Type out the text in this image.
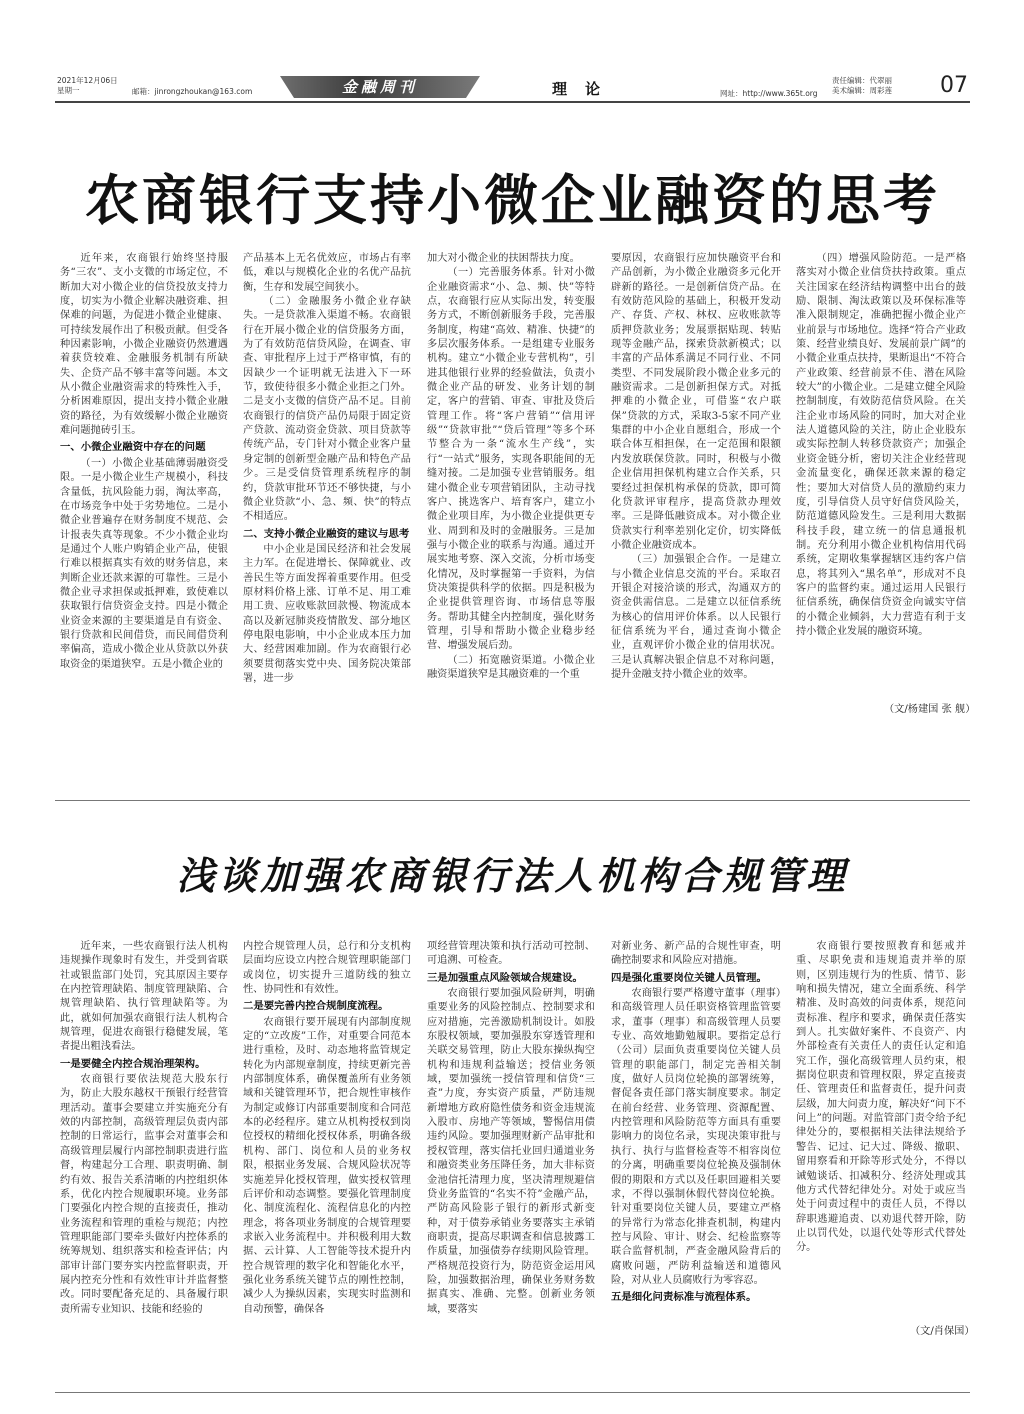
2021年12月06日
星期一	邮箱：jinrongzhoukan@163.com	金融周刊	理论	网址：http://www.365t.org
责任编辑：代翠丽
美术编辑：周彩莲 07
农商银行支持小微企业融资的思考

近年来，农商银行始终坚持服务“三农”、支小支微的市场定位，不断加大对小微企业的信贷投放支持力度，切实为小微企业解决融资难、担保难的问题，为促进小微企业健康、可持续发展作出了积极贡献。但受各种因素影响，小微企业融资仍然遭遇着获贷较难、金融服务机制有所缺失、企贷产品不够丰富等问题。本文从小微企业融资需求的特殊性入手，分析困难原因，提出支持小微企业融资的路径，为有效缓解小微企业融资难问题抛砖引玉。

一、小微企业融资中存在的问题

（一）小微企业基础薄弱融资受限。一是小微企业生产规模小，科技含量低，抗风险能力弱，淘汰率高，在市场竞争中处于劣势地位。二是小微企业普遍存在财务制度不规范、会计报表失真等现象。不少小微企业均是通过个人账户购销企业产品，使银行难以根据真实有效的财务信息，来判断企业还款来源的可靠性。三是小微企业寻求担保或抵押难，致使难以获取银行信贷资金支持。四是小微企业资金来源的主要渠道是自有资金、银行贷款和民间借贷，而民间借贷利率偏高，造成小微企业从贷款以外获取资金的渠道狭窄。五是小微企业的

产品基本上无名优效应，市场占有率低，难以与规模化企业的名优产品抗衡，生存和发展空间狭小。

（二）金融服务小微企业存缺失。一是贷款准入渠道不畅。农商银行在开展小微企业的信贷服务方面，为了有效防范信贷风险，在调查、审查、审批程序上过于严格审慎，有的因缺少一个证明就无法进入下一环节，致使待很多小微企业拒之门外。二是支小支微的信贷产品不足。目前农商银行的信贷产品仍局限于固定资产贷款、流动资金贷款、项目贷款等传统产品，专门针对小微企业客户量身定制的创新型金融产品和特色产品少。三是受信贷管理系统程序的制约，贷款审批环节还不够快捷，与小微企业贷款“小、急、频、快”的特点不相适应。

二、支持小微企业融资的建议与思考

中小企业是国民经济和社会发展主力军。在促进增长、保障就业、改善民生等方面发挥着重要作用。但受原材料价格上涨、订单不足、用工难用工贵、应收账款回款慢、物流成本高以及新冠肺炎疫情散发、部分地区停电限电影响，中小企业成本压力加大、经营困难加剧。作为农商银行必须要贯彻落实党中央、国务院决策部署，进一步

加大对小微企业的扶困帮扶力度。

（一）完善服务体系。针对小微企业融资需求“小、急、频、快”等特点，农商银行应从实际出发，转变服务方式，不断创新服务手段，完善服务制度，构建“高效、精准、快捷”的多层次服务体系。一是组建专业服务机构。建立“小微企业专营机构”，引进其他银行业界的经验做法，负责小微企业产品的研发、业务计划的制定，客户的营销、审查、审批及贷后管理工作。将“客户营销”“信用评级”“贷款审批”“贷后管理”等多个环节整合为一条“流水生产线”，实行“一站式”服务，实现各职能间的无缝对接。二是加强专业营销服务。组建小微企业专项营销团队，主动寻找客户、挑选客户、培育客户，建立小微企业项目库，为小微企业提供更专业、周到和及时的金融服务。三是加强与小微企业的联系与沟通。通过开展实地考察、深入交流，分析市场变化情况，及时掌握第一手资料，为信贷决策提供科学的依据。四是积极为企业提供管理咨询、市场信息等服务。帮助其健全内控制度，强化财务管理，引导和帮助小微企业稳步经营、增强发展后劲。

（二）拓宽融资渠道。小微企业融资渠道狭窄是其融资难的一个重

要原因，农商银行应加快融资平台和产品创新，为小微企业融资多元化开辟新的路径。一是创新信贷产品。在有效防范风险的基础上，积极开发动产、存货、产权、林权、应收账款等质押贷款业务；发展票据贴现、转贴现等金融产品，探索贷款新模式；以丰富的产品体系满足不同行业、不同类型、不同发展阶段小微企业多元的融资需求。二是创新担保方式。对抵押难的小微企业，可借鉴“农户联保”贷款的方式，采取3-5家不同产业集群的中小企业自愿组合，形成一个联合体互相担保，在一定范围和限额内发放联保贷款。同时，积极与小微企业信用担保机构建立合作关系，只要经过担保机构承保的贷款，即可简化贷款评审程序，提高贷款办理效率。三是降低融资成本。对小微企业贷款实行利率差别化定价，切实降低小微企业融资成本。

（三）加强银企合作。一是建立与小微企业信息交流的平台。采取召开银企对接洽谈的形式，沟通双方的资金供需信息。二是建立以征信系统为核心的信用评价体系。以人民银行征信系统为平台，通过查询小微企业，直观评价小微企业的信用状况。三是认真解决银企信息不对称问题，提升金融支持小微企业的效率。

（四）增强风险防范。一是严格落实对小微企业信贷扶持政策。重点关注国家在经济结构调整中出台的鼓励、限制、淘汰政策以及环保标准等准入限制规定，准确把握小微企业产业前景与市场地位。选择“符合产业政策、经营业绩良好、发展前景广阔”的小微企业重点扶持，果断退出“不符合产业政策、经营前景不佳、潜在风险较大”的小微企业。二是建立健全风险控制制度，有效防范信贷风险。在关注企业市场风险的同时，加大对企业法人道德风险的关注，防止企业股东或实际控制人转移贷款资产；加强企业资金链分析，密切关注企业经营现金流量变化，确保还款来源的稳定性；要加大对信贷人员的激励约束力度，引导信贷人员守好信贷风险关，防范道德风险发生。三是利用大数据科技手段，建立统一的信息通报机制。充分利用小微企业机构信用代码系统，定期收集掌握辖区违约客户信息，将其列入“黑名单”，形成对不良客户的监督约束。通过运用人民银行征信系统，确保信贷资金向诚实守信的小微企业倾斜，大力营造有利于支持小微企业发展的融资环境。

（文/杨建国 张 舰）
浅谈加强农商银行法人机构合规管理

近年来，一些农商银行法人机构违规操作现象时有发生，并受到省联社或银监部门处罚，究其原因主要存在内控管理缺陷、制度管理缺陷、合规管理缺陷、执行管理缺陷等。为此，就如何加强农商银行法人机构合规管理，促进农商银行稳健发展，笔者提出粗浅看法。

一是要健全内控合规治理架构。

农商银行要依法规范大股东行为，防止大股东越权干预银行经营管理活动。董事会要建立并实施充分有效的内部控制，高级管理层负责内部控制的日常运行，监事会对董事会和高级管理层履行内部控制职责进行监督，构建起分工合理、职责明确、制约有效、报告关系清晰的内控组织体系，优化内控合规履职环境。业务部门要强化内控合规的直接责任，推动业务流程和管理的重检与规范；内控管理职能部门要牵头做好内控体系的统筹规划、组织落实和检查评估；内部审计部门要夯实内控监督职责，开展内控充分性和有效性审计并监督整改。同时要配备充足的、具备履行职责所需专业知识、技能和经验的

内控合规管理人员，总行和分支机构层面均应设立内控合规管理职能部门或岗位，切实提升三道防线的独立性、协同性和有效性。

二是要完善内控合规制度流程。

农商银行要开展现有内部制度规定的“立改废”工作，对重要合同范本进行重检，及时、动态地将监管规定转化为内部规章制度，持续更新完善内部制度体系，确保覆盖所有业务领域和关键管理环节，把合规性审核作为制定或修订内部重要制度和合同范本的必经程序。建立从机构授权到岗位授权的精细化授权体系，明确各级机构、部门、岗位和人员的业务权限，根据业务发展、合规风险状况等实施差异化授权管理，做实授权管理后评价和动态调整。要强化管理制度化、制度流程化、流程信息化的内控理念，将各项业务制度的合规管理要求嵌入业务流程中。并积极利用大数据、云计算、人工智能等技术提升内控合规管理的数字化和智能化水平，强化业务系统关键节点的刚性控制，减少人为操纵因素，实现实时监测和自动预警，确保各

项经营管理决策和执行活动可控制、可追溯、可检查。

三是加强重点风险领域合规建设。

农商银行要加强风险研判，明确重要业务的风险控制点、控制要求和应对措施，完善激励机制设计。如股东股权领域，要加强股东穿透管理和关联交易管理，防止大股东操纵掏空机构和违规利益输送；授信业务领域，要加强统一授信管理和信贷“三查”力度，夯实资产质量，严防违规新增地方政府隐性债务和资金违规流入股市、房地产等领域，警惕信用债违约风险。要加强理财新产品审批和授权管理，落实信托业回归通道业务和融资类业务压降任务，加大非标资金池信托清理力度，坚决清理规避信贷业务监管的“名实不符”金融产品，严防高风险影子银行的新形式新变种，对于债券承销业务要落实主承销商职责，提高尽职调查和信息披露工作质量，加强债券存续期风险管理。严格规范投资行为，防范资金运用风险，加强数据治理，确保业务财务数据真实、准确、完整。创新业务领域，要落实

对新业务、新产品的合规性审查，明确控制要求和风险应对措施。

四是强化重要岗位关键人员管理。

农商银行要严格遵守董事（理事）和高级管理人员任职资格管理监管要求，董事（理事）和高级管理人员要专业、高效地勤勉履职。要指定总行（公司）层面负责重要岗位关键人员管理的职能部门，制定完善相关制度，做好人员岗位轮换的部署统筹，督促各责任部门落实制度要求。制定在前台经营、业务管理、资源配置、内控管理和风险防范等方面具有重要影响力的岗位名录，实现决策审批与执行、执行与监督检查等不相容岗位的分离，明确重要岗位轮换及强制休假的期限和方式以及任职回避相关要求，不得以强制休假代替岗位轮换。针对重要岗位关键人员，要建立严格的异常行为常态化排查机制，构建内控与风险、审计、财会、纪检监察等联合监督机制，严查金融风险背后的腐败问题，严防利益输送和道德风险，对从业人员腐败行为零容忍。

五是细化问责标准与流程体系。

农商银行要按照教育和惩戒并重、尽职免责和违规追责并举的原则，区别违规行为的性质、情节、影响和损失情况，建立全面系统、科学精准、及时高效的问责体系，规范问责标准、程序和要求，确保责任落实到人。扎实做好案件、不良资产、内外部检查有关责任人的责任认定和追究工作，强化高级管理人员约束，根据岗位职责和管理权限，界定直接责任、管理责任和监督责任，提升问责层级，加大问责力度，解决好“问下不问上”的问题。对监管部门责令给予纪律处分的，要根据相关法律法规给予警告、记过、记大过、降级、撤职、留用察看和开除等形式处分，不得以诫勉谈话、扣减积分、经济处理或其他方式代替纪律处分。对处于或应当处于问责过程中的责任人员，不得以辞职逃避追责、以劝退代替开除，防止以罚代处，以退代处等形式代替处分。

（文/肖保国）
